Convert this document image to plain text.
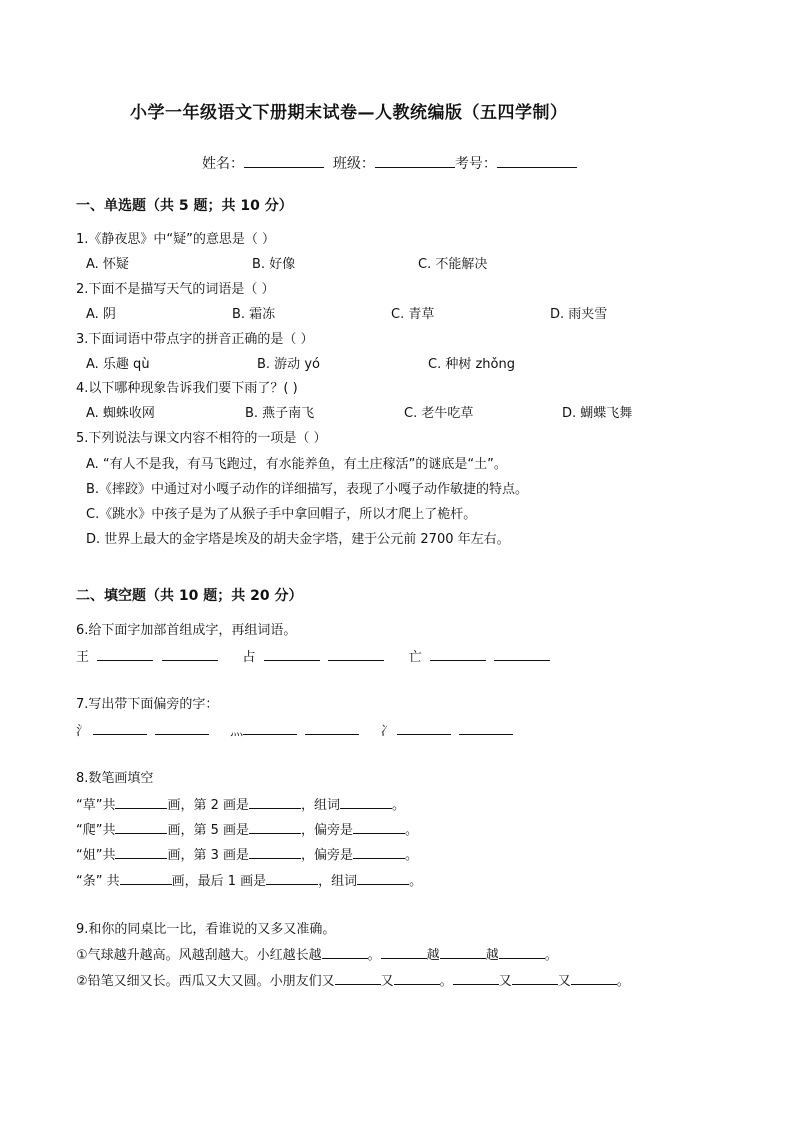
小学一年级语文下册期末试卷—人教统编版（五四学制）
姓名：	班级：	考号：
一、单选题（共 5 题；共 10 分）
1.《静夜思》中“疑”的意思是（ ）
A. 怀疑	B. 好像	C. 不能解决
2.下面不是描写天气的词语是（ ）
A. 阴	B. 霜冻	C. 青草	D. 雨夹雪
3.下面词语中带点字的拼音正确的是（ ）
A. 乐趣 qù	B. 游动 yó	C. 种树 zhǒng
4.以下哪种现象告诉我们要下雨了？( )
A. 蜘蛛收网	B. 燕子南飞	C. 老牛吃草	D. 蝴蝶飞舞
5.下列说法与课文内容不相符的一项是（ ）
A. “有人不是我，有马飞跑过，有水能养鱼，有土庄稼活”的谜底是“土”。
B.《摔跤》中通过对小嘎子动作的详细描写，表现了小嘎子动作敏捷的特点。
C.《跳水》中孩子是为了从猴子手中拿回帽子，所以才爬上了桅杆。
D. 世界上最大的金字塔是埃及的胡夫金字塔，建于公元前 2700 年左右。
二、填空题（共 10 题；共 20 分）
6.给下面字加部首组成字，再组词语。
王	占	亡
7.写出带下面偏旁的字：
氵	灬	冫
8.数笔画填空
“草”共	画，第 2 画是	，组词	。
“爬”共	画，第 5 画是	，偏旁是	。
“姐”共	画，第 3 画是	，偏旁是	。
“条” 共	画，最后 1 画是	，组词	。
9.和你的同桌比一比，看谁说的又多又准确。
①气球越升越高。风越刮越大。小红越长越	。	越	越	。
②铅笔又细又长。西瓜又大又圆。小朋友们又	又	。	又	又	。
